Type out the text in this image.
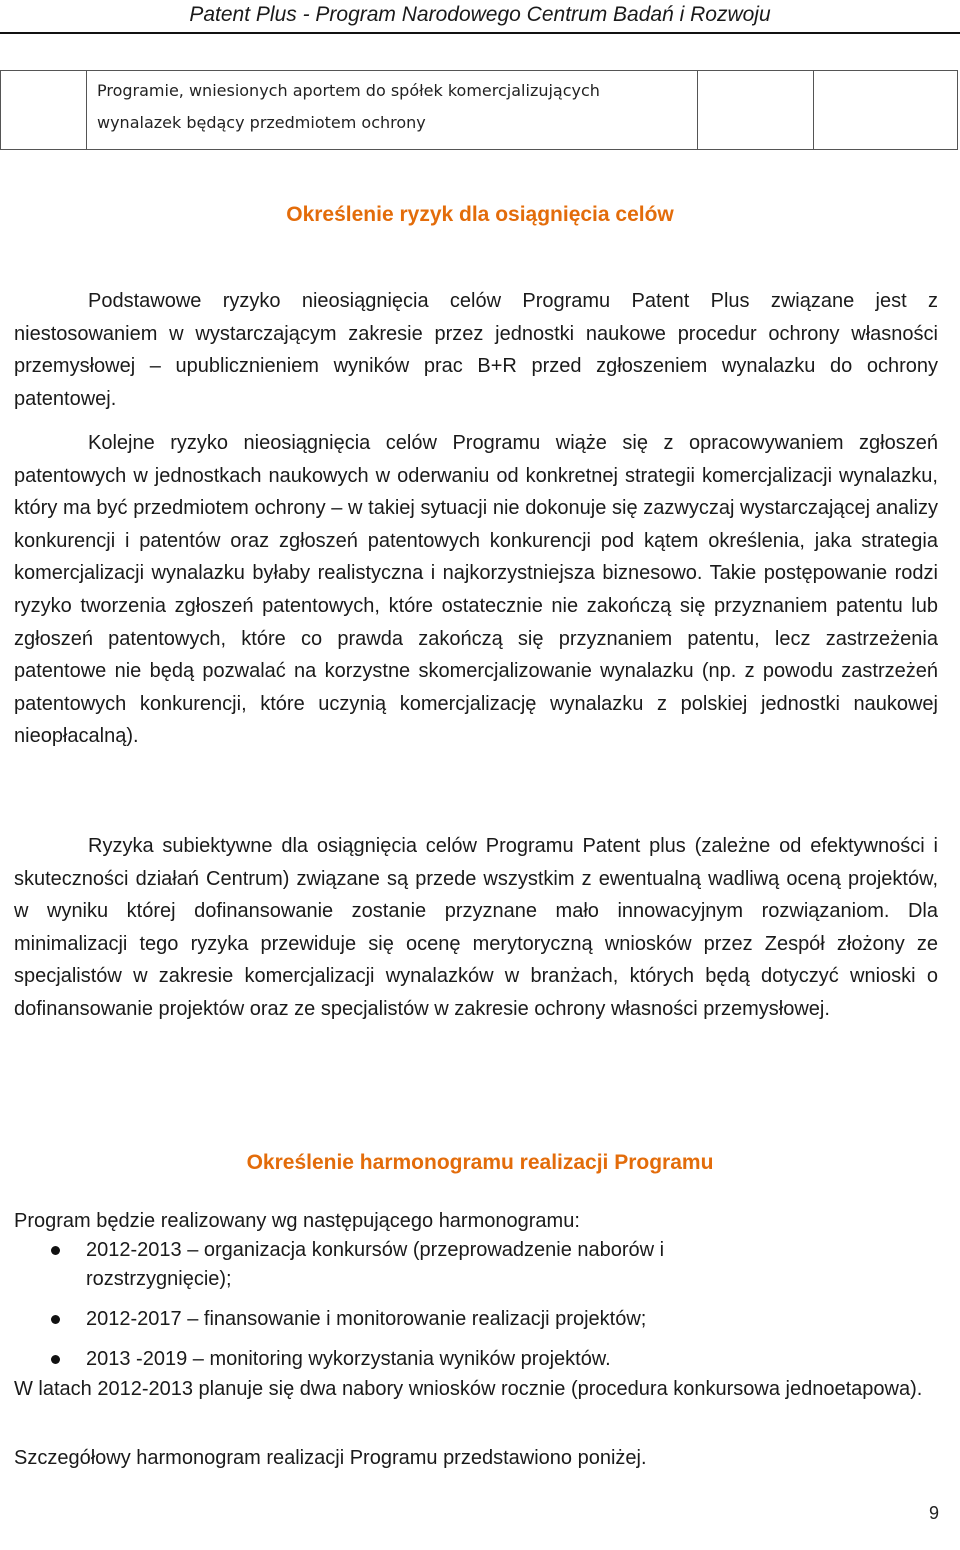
Patent Plus - Program Narodowego Centrum Badań i Rozwoju

Programie, wniesionych aportem do spółek komercjalizujących wynalazek będący przedmiotem ochrony

Określenie ryzyk dla osiągnięcia celów

Podstawowe ryzyko nieosiągnięcia celów Programu Patent Plus związane jest z niestosowaniem w wystarczającym zakresie przez jednostki naukowe procedur ochrony własności przemysłowej – upublicznieniem wyników prac B+R przed zgłoszeniem wynalazku do ochrony patentowej.

Kolejne ryzyko nieosiągnięcia celów Programu wiąże się z opracowywaniem zgłoszeń patentowych w jednostkach naukowych w oderwaniu od konkretnej strategii komercjalizacji wynalazku, który ma być przedmiotem ochrony – w takiej sytuacji nie dokonuje się zazwyczaj wystarczającej analizy konkurencji i patentów oraz zgłoszeń patentowych konkurencji pod kątem określenia, jaka strategia komercjalizacji wynalazku byłaby realistyczna i najkorzystniejsza biznesowo. Takie postępowanie rodzi ryzyko tworzenia zgłoszeń patentowych, które ostatecznie nie zakończą się przyznaniem patentu lub zgłoszeń patentowych, które co prawda zakończą się przyznaniem patentu, lecz zastrzeżenia patentowe nie będą pozwalać na korzystne skomercjalizowanie wynalazku (np. z powodu zastrzeżeń patentowych konkurencji, które uczynią komercjalizację wynalazku z polskiej jednostki naukowej nieopłacalną).

Ryzyka subiektywne dla osiągnięcia celów Programu Patent plus (zależne od efektywności i skuteczności działań Centrum) związane są przede wszystkim z ewentualną wadliwą oceną projektów, w wyniku której dofinansowanie zostanie przyznane mało innowacyjnym rozwiązaniom. Dla minimalizacji tego ryzyka przewiduje się ocenę merytoryczną wniosków przez Zespół złożony ze specjalistów w zakresie komercjalizacji wynalazków w branżach, których będą dotyczyć wnioski o dofinansowanie projektów oraz ze specjalistów w zakresie ochrony własności przemysłowej.

Określenie harmonogramu realizacji Programu

Program będzie realizowany wg następującego harmonogramu:

2012-2013 – organizacja konkursów (przeprowadzenie naborów i rozstrzygnięcie);
2012-2017 – finansowanie i monitorowanie realizacji projektów;
2013 -2019 – monitoring wykorzystania wyników projektów.

W latach 2012-2013 planuje się dwa nabory wniosków rocznie (procedura konkursowa jednoetapowa).

Szczegółowy harmonogram realizacji Programu przedstawiono poniżej.

9
